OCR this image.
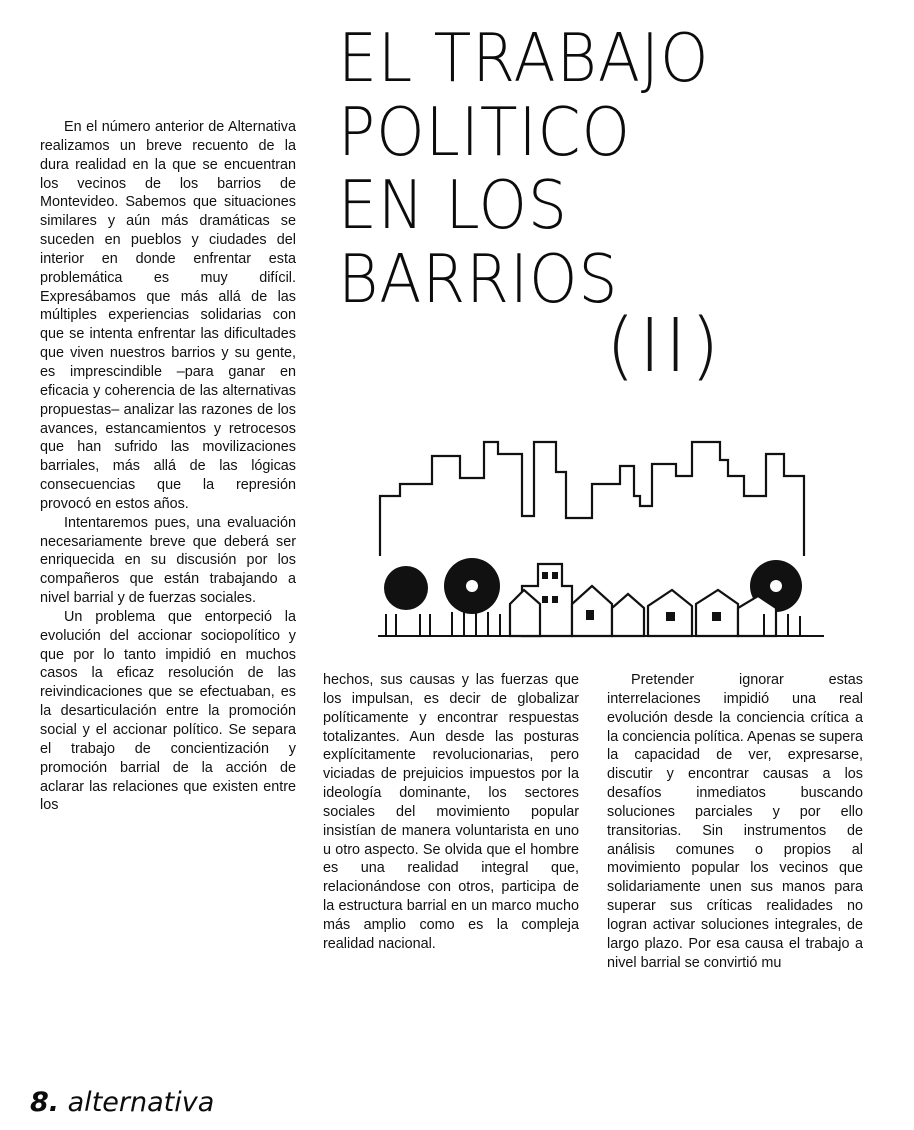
EL TRABAJO
POLITICO
EN LOS
BARRIOS
(II)

En el número anterior de Alternativa realizamos un breve recuento de la dura realidad en la que se encuentran los vecinos de los barrios de Montevideo. Sabemos que situaciones similares y aún más dramáticas se suceden en pueblos y ciudades del interior en donde enfrentar esta problemática es muy difícil. Expresábamos que más allá de las múltiples experiencias solidarias con que se intenta enfrentar las dificultades que viven nuestros barrios y su gente, es imprescindible –para ganar en eficacia y coherencia de las alternativas propuestas– analizar las razones de los avances, estancamientos y retrocesos que han sufrido las movilizaciones barriales, más allá de las lógicas consecuencias que la represión provocó en estos años.

Intentaremos pues, una evaluación necesariamente breve que deberá ser enriquecida en su discusión por los compañeros que están trabajando a nivel barrial y de fuerzas sociales.

Un problema que entorpeció la evolución del accionar sociopolítico y que por lo tanto impidió en muchos casos la eficaz resolución de las reivindicaciones que se efectuaban, es la desarticulación entre la promoción social y el accionar político. Se separa el trabajo de concientización y promoción barrial de la acción de aclarar las relaciones que existen entre los

hechos, sus causas y las fuerzas que los impulsan, es decir de globalizar políticamente y encontrar respuestas totalizantes. Aun desde las posturas explícitamente revolucionarias, pero viciadas de prejuicios impuestos por la ideología dominante, los sectores sociales del movimiento popular insistían de manera voluntarista en uno u otro aspecto. Se olvida que el hombre es una realidad integral que, relacionándose con otros, participa de la estructura barrial en un marco mucho más amplio como es la compleja realidad nacional.

Pretender ignorar estas interrelaciones impidió una real evolución desde la conciencia crítica a la conciencia política. Apenas se supera la capacidad de ver, expresarse, discutir y encontrar causas a los desafíos inmediatos buscando soluciones parciales y por ello transitorias. Sin instrumentos de análisis comunes o propios al movimiento popular los vecinos que solidariamente unen sus manos para superar sus críticas realidades no logran activar soluciones integrales, de largo plazo. Por esa causa el trabajo a nivel barrial se convirtió mu

8. alternativa
